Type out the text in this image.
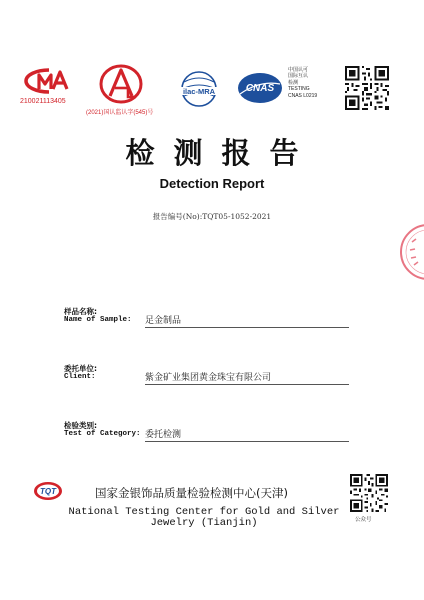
210021113405
(2021)国认监认字(545)号
ilac-MRA	CNAS
中国认可
国际互认
检测
TESTING
CNAS L0219
检测报告
Detection Report
报告编号(No):TQT05-1052-2021
样品名称:
Name of Sample: 足金制品
委托单位:
Client:	紫金矿业集团黄金珠宝有限公司
检验类别:
Test of Category: 委托检测
TQT	国家金银饰品质量检验检测中心(天津)
National Testing Center for Gold and Silver Jewelry (Tianjin)	公众号
